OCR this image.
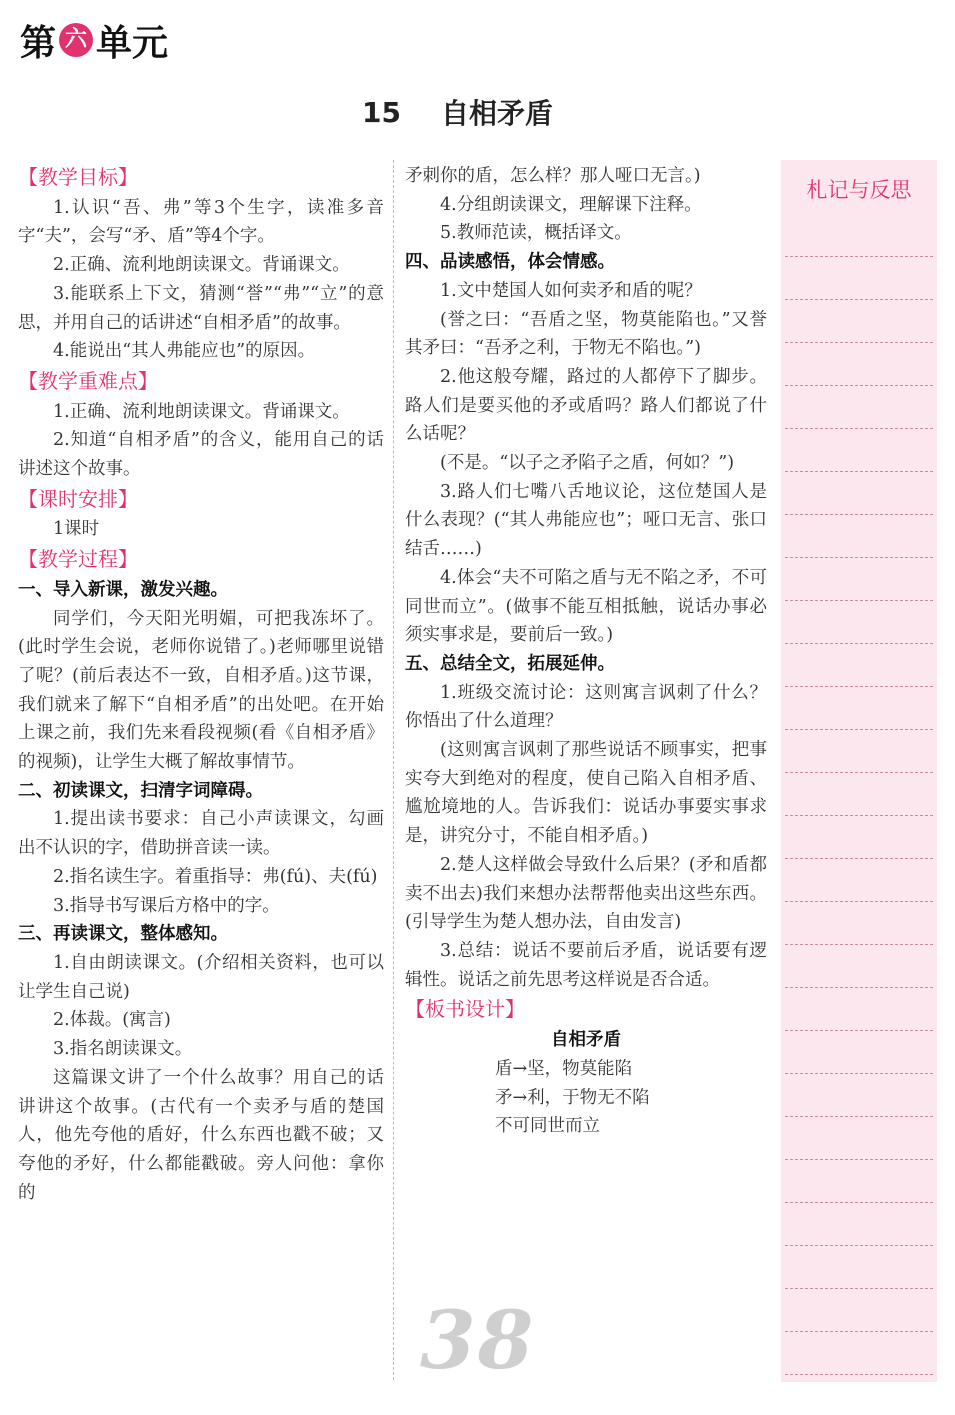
第 六 单元
15 自相矛盾
【教学目标】
1.认识“吾、弗”等3个生字，读准多音字“夫”，会写“矛、盾”等4个字。
2.正确、流利地朗读课文。背诵课文。
3.能联系上下文，猜测“誉”“弗”“立”的意思，并用自己的话讲述“自相矛盾”的故事。
4.能说出“其人弗能应也”的原因。
【教学重难点】
1.正确、流利地朗读课文。背诵课文。
2.知道“自相矛盾”的含义，能用自己的话讲述这个故事。
【课时安排】
1课时
【教学过程】
一、导入新课，激发兴趣。
同学们，今天阳光明媚，可把我冻坏了。(此时学生会说，老师你说错了。)老师哪里说错了呢？(前后表达不一致，自相矛盾。)这节课，我们就来了解下“自相矛盾”的出处吧。在开始上课之前，我们先来看段视频(看《自相矛盾》的视频)，让学生大概了解故事情节。
二、初读课文，扫清字词障碍。
1.提出读书要求：自己小声读课文，勾画出不认识的字，借助拼音读一读。
2.指名读生字。着重指导：弗(fú)、夫(fú)
3.指导书写课后方格中的字。
三、再读课文，整体感知。
1.自由朗读课文。(介绍相关资料，也可以让学生自己说)
2.体裁。(寓言)
3.指名朗读课文。
这篇课文讲了一个什么故事？用自己的话讲讲这个故事。(古代有一个卖矛与盾的楚国人，他先夸他的盾好，什么东西也戳不破；又夸他的矛好，什么都能戳破。旁人问他：拿你的
矛刺你的盾，怎么样？那人哑口无言。)
4.分组朗读课文，理解课下注释。
5.教师范读，概括译文。
四、品读感悟，体会情感。
1.文中楚国人如何卖矛和盾的呢？
(誉之曰：“吾盾之坚，物莫能陷也。”又誉其矛曰：“吾矛之利，于物无不陷也。”)
2.他这般夸耀，路过的人都停下了脚步。路人们是要买他的矛或盾吗？路人们都说了什么话呢？
(不是。“以子之矛陷子之盾，何如？”)
3.路人们七嘴八舌地议论，这位楚国人是什么表现？(“其人弗能应也”；哑口无言、张口结舌……)
4.体会“夫不可陷之盾与无不陷之矛，不可同世而立”。(做事不能互相抵触，说话办事必须实事求是，要前后一致。)
五、总结全文，拓展延伸。
1.班级交流讨论：这则寓言讽刺了什么？你悟出了什么道理？
(这则寓言讽刺了那些说话不顾事实，把事实夸大到绝对的程度，使自己陷入自相矛盾、尴尬境地的人。告诉我们：说话办事要实事求是，讲究分寸，不能自相矛盾。)
2.楚人这样做会导致什么后果？(矛和盾都卖不出去)我们来想办法帮帮他卖出这些东西。(引导学生为楚人想办法，自由发言)
3.总结：说话不要前后矛盾，说话要有逻辑性。说话之前先思考这样说是否合适。
【板书设计】
自相矛盾
盾→坚，物莫能陷
矛→利，于物无不陷
不可同世而立
38
札记与反思
